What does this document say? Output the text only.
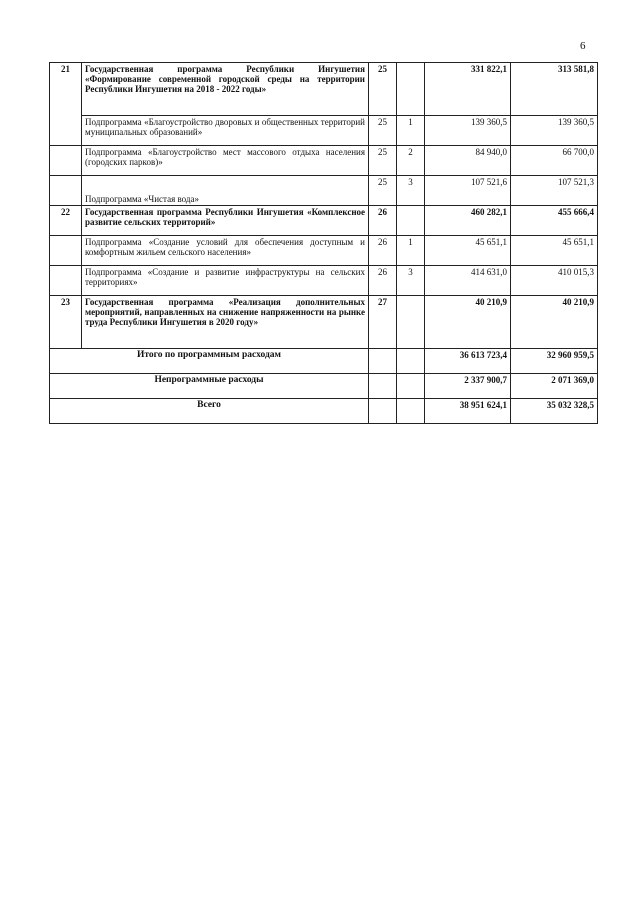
6
21	Государственная программа Республики Ингушетия «Формирование современной городской среды на территории Республики Ингушетия на 2018 - 2022 годы»	25		331 822,1	313 581,8
	Подпрограмма «Благоустройство дворовых и общественных территорий муниципальных образований»	25	1	139 360,5	139 360,5
	Подпрограмма «Благоустройство мест массового отдыха населения (городских парков)»	25	2	84 940,0	66 700,0
	Подпрограмма «Чистая вода»	25	3	107 521,6	107 521,3
22	Государственная программа Республики Ингушетия «Комплексное развитие сельских территорий»	26		460 282,1	455 666,4
	Подпрограмма «Создание условий для обеспечения доступным и комфортным жильем сельского населения»	26	1	45 651,1	45 651,1
	Подпрограмма «Создание и развитие инфраструктуры на сельских территориях»	26	3	414 631,0	410 015,3
23	Государственная программа «Реализация дополнительных мероприятий, направленных на снижение напряженности на рынке труда Республики Ингушетия в 2020 году»	27		40 210,9	40 210,9
Итого по программным расходам				36 613 723,4	32 960 959,5
Непрограммные расходы				2 337 900,7	2 071 369,0
Всего				38 951 624,1	35 032 328,5
